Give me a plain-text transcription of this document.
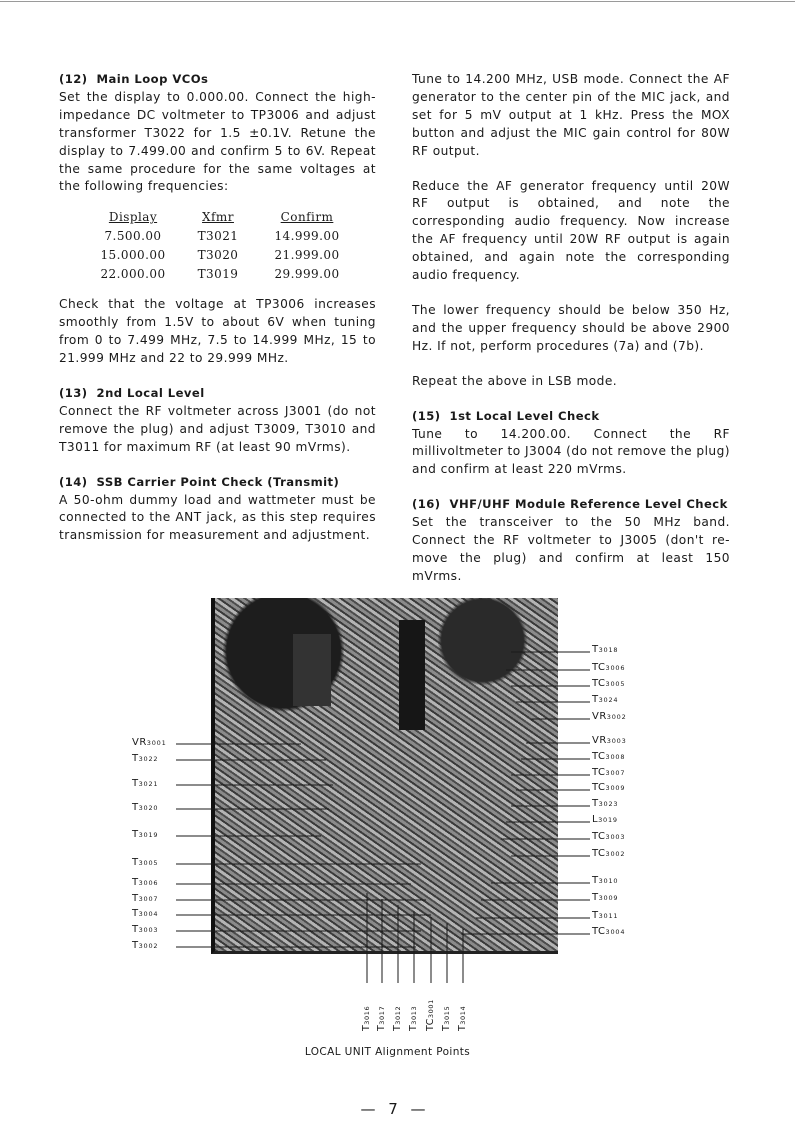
(12) Main Loop VCOs

Set the display to 0.000.00. Connect the high-impedance DC voltmeter to TP3006 and adjust transformer T3022 for 1.5 ±0.1V. Retune the display to 7.499.00 and confirm 5 to 6V. Repeat the same procedure for the same voltages at the following frequencies:

Display	Xfmr	Confirm
7.500.00	T3021	14.999.00
15.000.00	T3020	21.999.00
22.000.00	T3019	29.999.00

Check that the voltage at TP3006 increases smoothly from 1.5V to about 6V when tuning from 0 to 7.499 MHz, 7.5 to 14.999 MHz, 15 to 21.999 MHz and 22 to 29.999 MHz.

(13) 2nd Local Level

Connect the RF voltmeter across J3001 (do not remove the plug) and adjust T3009, T3010 and T3011 for maximum RF (at least 90 mVrms).

(14) SSB Carrier Point Check (Transmit)

A 50-ohm dummy load and wattmeter must be connected to the ANT jack, as this step requires transmission for measurement and adjustment.

Tune to 14.200 MHz, USB mode. Connect the AF generator to the center pin of the MIC jack, and set for 5 mV output at 1 kHz. Press the MOX button and adjust the MIC gain control for 80W RF output.

Reduce the AF generator frequency until 20W RF output is obtained, and note the corresponding audio frequency. Now increase the AF frequency until 20W RF output is again obtained, and again note the corresponding audio frequency.

The lower frequency should be below 350 Hz, and the upper frequency should be above 2900 Hz. If not, perform procedures (7a) and (7b).

Repeat the above in LSB mode.

(15) 1st Local Level Check

Tune to 14.200.00. Connect the RF millivoltmeter to J3004 (do not remove the plug) and confirm at least 220 mVrms.

(16) VHF/UHF Module Reference Level Check

Set the transceiver to the 50 MHz band. Connect the RF voltmeter to J3005 (don't re-move the plug) and confirm at least 150 mVrms.

VR3001
T3022
T3021
T3020
T3019
T3005
T3006
T3007
T3004
T3003
T3002
T3018
TC3006
TC3005
T3024
VR3002
VR3003
TC3008
TC3007
TC3009
T3023
L3019
TC3003
TC3002
T3010
T3009
T3011
TC3004
T3016
T3017
T3012
T3013 TC3001
T3015
T3014
LOCAL UNIT Alignment Points
— 7 —
